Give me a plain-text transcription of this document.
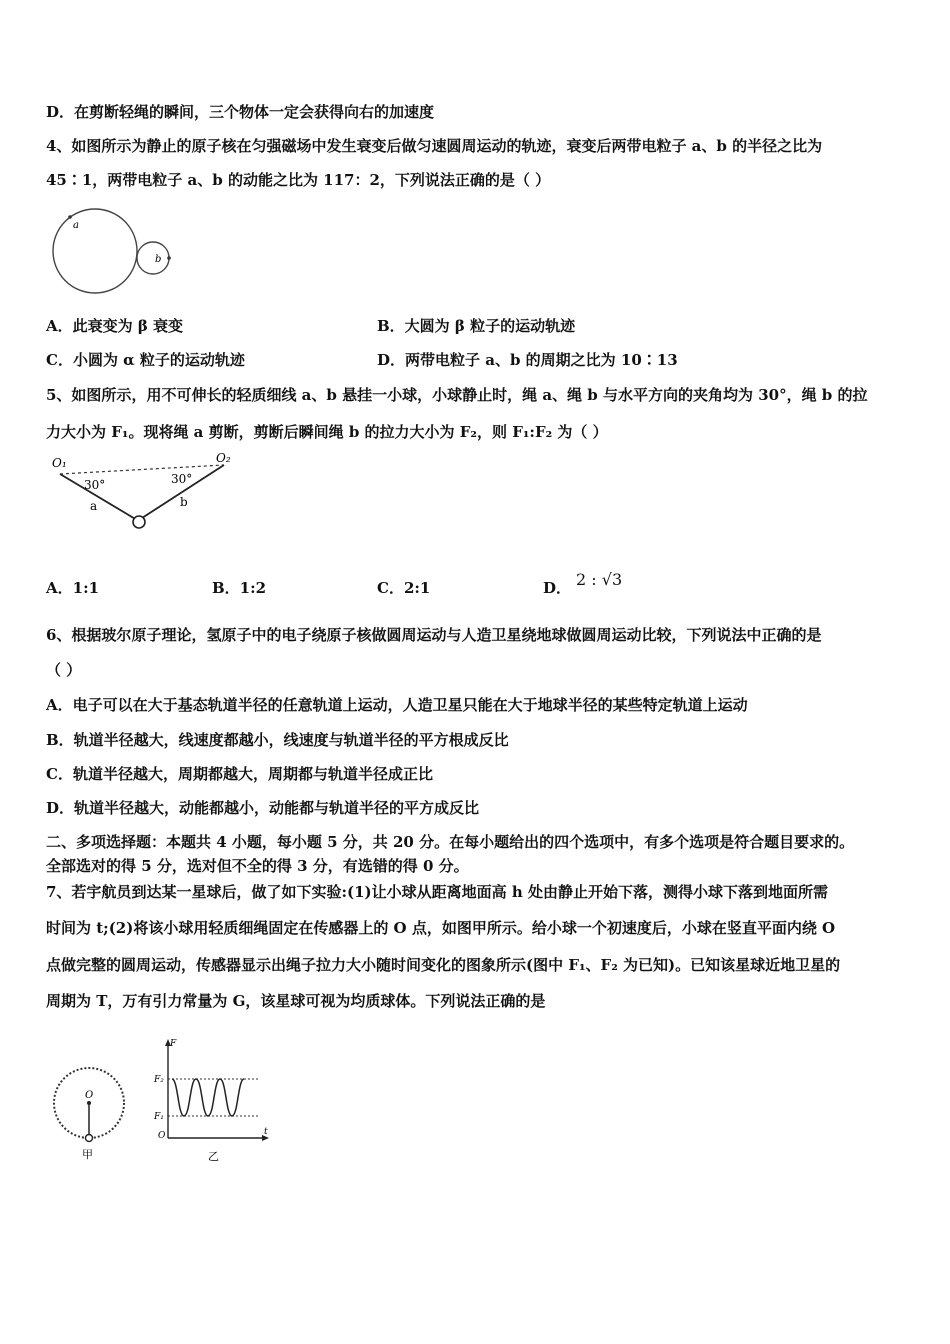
D．在剪断轻绳的瞬间，三个物体一定会获得向右的加速度
4、如图所示为静止的原子核在匀强磁场中发生衰变后做匀速圆周运动的轨迹，衰变后两带电粒子 a、b 的半径之比为
45∶1，两带电粒子 a、b 的动能之比为 117：2，下列说法正确的是（ ）
a
b
A．此衰变为 β 衰变	B．大圆为 β 粒子的运动轨迹
C．小圆为 α 粒子的运动轨迹	D．两带电粒子 a、b 的周期之比为 10∶13
5、如图所示，用不可伸长的轻质细线 a、b 悬挂一小球，小球静止时，绳 a、绳 b 与水平方向的夹角均为 30°，绳 b 的拉
力大小为 F₁。现将绳 a 剪断，剪断后瞬间绳 b 的拉力大小为 F₂，则 F₁:F₂ 为（ ）
O₁	O₂
30°	30°
a	b
A．1:1	B．1:2	C．2:1	D． 2 : √3
6、根据玻尔原子理论，氢原子中的电子绕原子核做圆周运动与人造卫星绕地球做圆周运动比较，下列说法中正确的是
（ ）
A．电子可以在大于基态轨道半径的任意轨道上运动，人造卫星只能在大于地球半径的某些特定轨道上运动
B．轨道半径越大，线速度都越小，线速度与轨道半径的平方根成反比
C．轨道半径越大，周期都越大，周期都与轨道半径成正比
D．轨道半径越大，动能都越小，动能都与轨道半径的平方成反比
二、多项选择题：本题共 4 小题，每小题 5 分，共 20 分。在每小题给出的四个选项中，有多个选项是符合题目要求的。
全部选对的得 5 分，选对但不全的得 3 分，有选错的得 0 分。
7、若宇航员到达某一星球后，做了如下实验:(1)让小球从距离地面高 h 处由静止开始下落，测得小球下落到地面所需
时间为 t;(2)将该小球用轻质细绳固定在传感器上的 O 点，如图甲所示。给小球一个初速度后，小球在竖直平面内绕 O
点做完整的圆周运动，传感器显示出绳子拉力大小随时间变化的图象所示(图中 F₁、F₂ 为已知)。已知该星球近地卫星的
周期为 T，万有引力常量为 G，该星球可视为均质球体。下列说法正确的是
O
甲
F
F₂
F₁
O	t
乙
